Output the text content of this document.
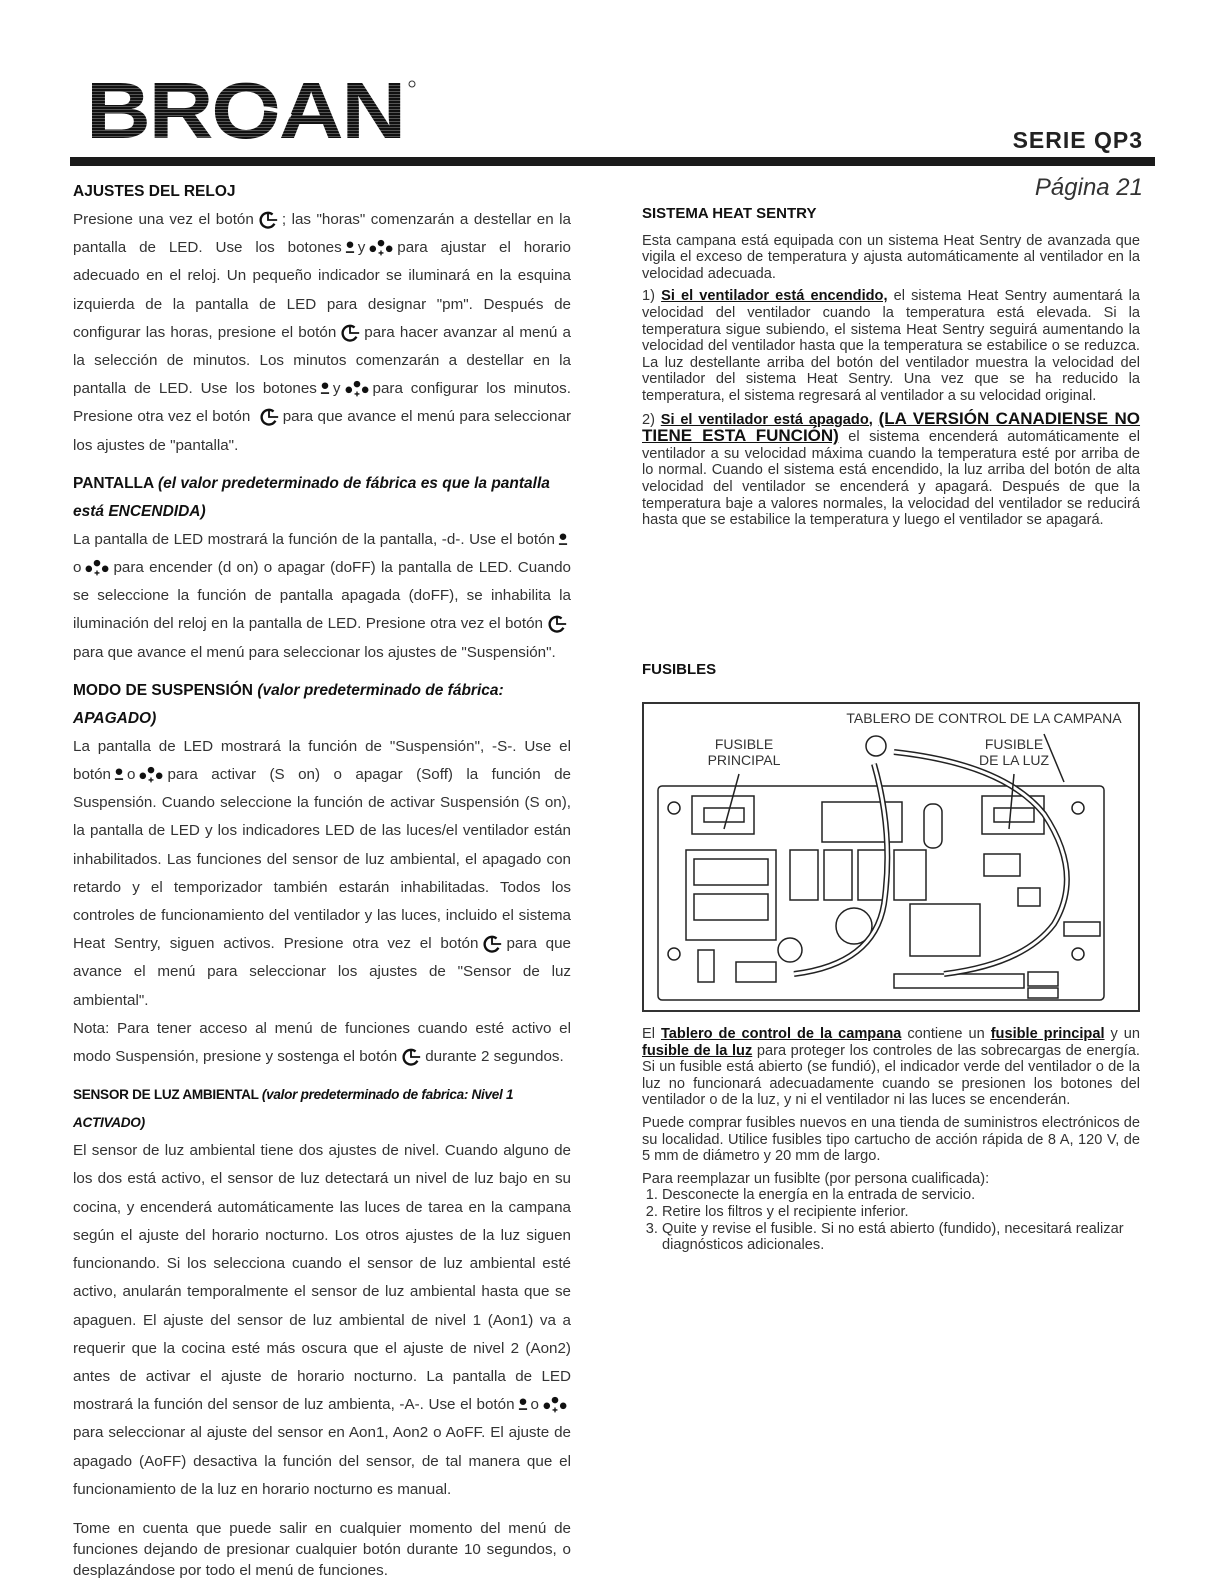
BROAN	SERIE QP3
Página 21
AJUSTES DEL RELOJ

Presione una vez el botón ; las "horas" comenzarán a destellar en la pantalla de LED. Use los botones y para ajustar el horario adecuado en el reloj. Un pequeño indicador se iluminará en la esquina izquierda de la pantalla de LED para designar "pm". Después de configurar las horas, presione el botón para hacer avanzar al menú a la selección de minutos. Los minutos comenzarán a destellar en la pantalla de LED. Use los botones y para configurar los minutos. Presione otra vez el botón para que avance el menú para seleccionar los ajustes de "pantalla".

PANTALLA (el valor predeterminado de fábrica es que la pantalla está ENCENDIDA)

La pantalla de LED mostrará la función de la pantalla, -d-. Use el botóno para encender (d on) o apagar (doFF) la pantalla de LED. Cuando se seleccione la función de pantalla apagada (doFF), se inhabilita la iluminación del reloj en la pantalla de LED. Presione otra vez el botónpara que avance el menú para seleccionar los ajustes de "Suspensión".

MODO DE SUSPENSIÓN (valor predeterminado de fábrica: APAGADO)

La pantalla de LED mostrará la función de "Suspensión", -S-. Use el botón o para activar (S on) o apagar (Soff) la función de Suspensión. Cuando seleccione la función de activar Suspensión (S on), la pantalla de LED y los indicadores LED de las luces/el ventilador están inhabilitados. Las funciones del sensor de luz ambiental, el apagado con retardo y el temporizador también estarán inhabilitadas. Todos los controles de funcionamiento del ventilador y las luces, incluido el sistema Heat Sentry, siguen activos. Presione otra vez el botón para que avance el menú para seleccionar los ajustes de "Sensor de luz ambiental".

Nota: Para tener acceso al menú de funciones cuando esté activo el modo Suspensión, presione y sostenga el botón durante 2 segundos.

SENSOR DE LUZ AMBIENTAL (valor predeterminado de fabrica: Nivel 1 ACTIVADO)

El sensor de luz ambiental tiene dos ajustes de nivel. Cuando alguno de los dos está activo, el sensor de luz detectará un nivel de luz bajo en su cocina, y encenderá automáticamente las luces de tarea en la campana según el ajuste del horario nocturno. Los otros ajustes de la luz siguen funcionando. Si los selecciona cuando el sensor de luz ambiental esté activo, anularán temporalmente el sensor de luz ambiental hasta que se apaguen. El ajuste del sensor de luz ambiental de nivel 1 (Aon1) va a requerir que la cocina esté más oscura que el ajuste de nivel 2 (Aon2) antes de activar el ajuste de horario nocturno. La pantalla de LED mostrará la función del sensor de luz ambienta, -A-. Use el botón opara seleccionar al ajuste del sensor en Aon1, Aon2 o AoFF. El ajuste de apagado (AoFF) desactiva la función del sensor, de tal manera que el funcionamiento de la luz en horario nocturno es manual.

Tome en cuenta que puede salir en cualquier momento del menú de funciones dejando de presionar cualquier botón durante 10 segundos, o desplazándose por todo el menú de funciones.

SISTEMA HEAT SENTRY

Esta campana está equipada con un sistema Heat Sentry de avanzada que vigila el exceso de temperatura y ajusta automáticamente al ventilador en la velocidad adecuada.

1) Si el ventilador está encendido, el sistema Heat Sentry aumentará la velocidad del ventilador cuando la temperatura está elevada. Si la temperatura sigue subiendo, el sistema Heat Sentry seguirá aumentando la velocidad del ventilador hasta que la temperatura se estabilice o se reduzca. La luz destellante arriba del botón del ventilador muestra la velocidad del ventilador del sistema Heat Sentry. Una vez que se ha reducido la temperatura, el sistema regresará al ventilador a su velocidad original.

2) Si el ventilador está apagado, (LA VERSIÓN CANADIENSE NO TIENE ESTA FUNCIÓN) el sistema encenderá automáticamente el ventilador a su velocidad máxima cuando la temperatura esté por arriba de lo normal. Cuando el sistema está encendido, la luz arriba del botón de alta velocidad del ventilador se encenderá y apagará. Después de que la temperatura baje a valores normales, la velocidad del ventilador se reducirá hasta que se estabilice la temperatura y luego el ventilador se apagará.

FUSIBLES
TABLERO DE CONTROL DE LA CAMPANA
FUSIBLE PRINCIPAL
FUSIBLE DE LA LUZ

El Tablero de control de la campana contiene un fusible principal y un fusible de la luz para proteger los controles de las sobrecargas de energía. Si un fusible está abierto (se fundió), el indicador verde del ventilador o de la luz no funcionará adecuadamente cuando se presionen los botones del ventilador o de la luz, y ni el ventilador ni las luces se encenderán.

Puede comprar fusibles nuevos en una tienda de suministros electrónicos de su localidad. Utilice fusibles tipo cartucho de acción rápida de 8 A, 120 V, de 5 mm de diámetro y 20 mm de largo.

Para reemplazar un fusiblte (por persona cualificada):

1. Desconecte la energía en la entrada de servicio.
2. Retire los filtros y el recipiente inferior.
3. Quite y revise el fusible. Si no está abierto (fundido), necesitará realizar diagnósticos adicionales.
